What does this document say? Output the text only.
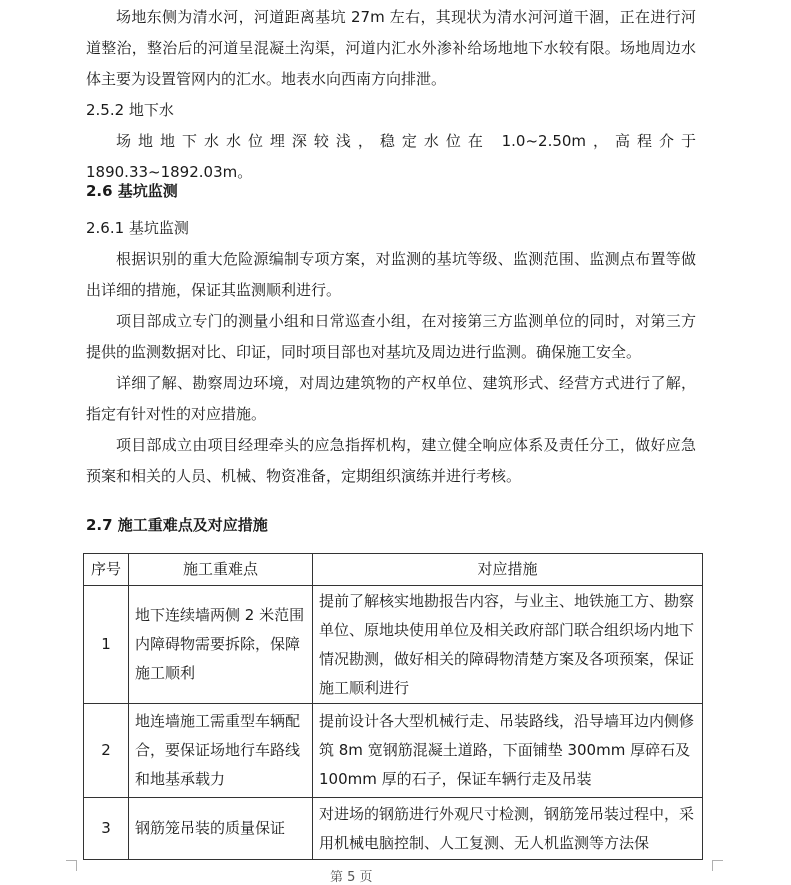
场地东侧为清水河，河道距离基坑 27m 左右，其现状为清水河河道干涸，正在进行河道整治，整治后的河道呈混凝土沟渠，河道内汇水外渗补给场地地下水较有限。场地周边水体主要为设置管网内的汇水。地表水向西南方向排泄。

2.5.2 地下水

场地地下水水位埋深较浅，稳定水位在 1.0~2.50m，高程介于 1890.33~1892.03m。

2.6 基坑监测

2.6.1 基坑监测

根据识别的重大危险源编制专项方案，对监测的基坑等级、监测范围、监测点布置等做出详细的措施，保证其监测顺利进行。

项目部成立专门的测量小组和日常巡查小组，在对接第三方监测单位的同时，对第三方提供的监测数据对比、印证，同时项目部也对基坑及周边进行监测。确保施工安全。

详细了解、勘察周边环境，对周边建筑物的产权单位、建筑形式、经营方式进行了解，指定有针对性的对应措施。

项目部成立由项目经理牵头的应急指挥机构，建立健全响应体系及责任分工，做好应急预案和相关的人员、机械、物资准备，定期组织演练并进行考核。

2.7 施工重难点及对应措施

序号	施工重难点	对应措施
1	地下连续墙两侧 2 米范围内障碍物需要拆除，保障施工顺利	提前了解核实地勘报告内容，与业主、地铁施工方、勘察单位、原地块使用单位及相关政府部门联合组织场内地下情况勘测，做好相关的障碍物清楚方案及各项预案，保证施工顺利进行
2	地连墙施工需重型车辆配合，要保证场地行车路线和地基承载力	提前设计各大型机械行走、吊装路线，沿导墙耳边内侧修筑 8m 宽钢筋混凝土道路，下面铺垫 300mm 厚碎石及 100mm 厚的石子，保证车辆行走及吊装
3	钢筋笼吊装的质量保证	对进场的钢筋进行外观尺寸检测，钢筋笼吊装过程中，采用机械电脑控制、人工复测、无人机监测等方法保
第 5 页
